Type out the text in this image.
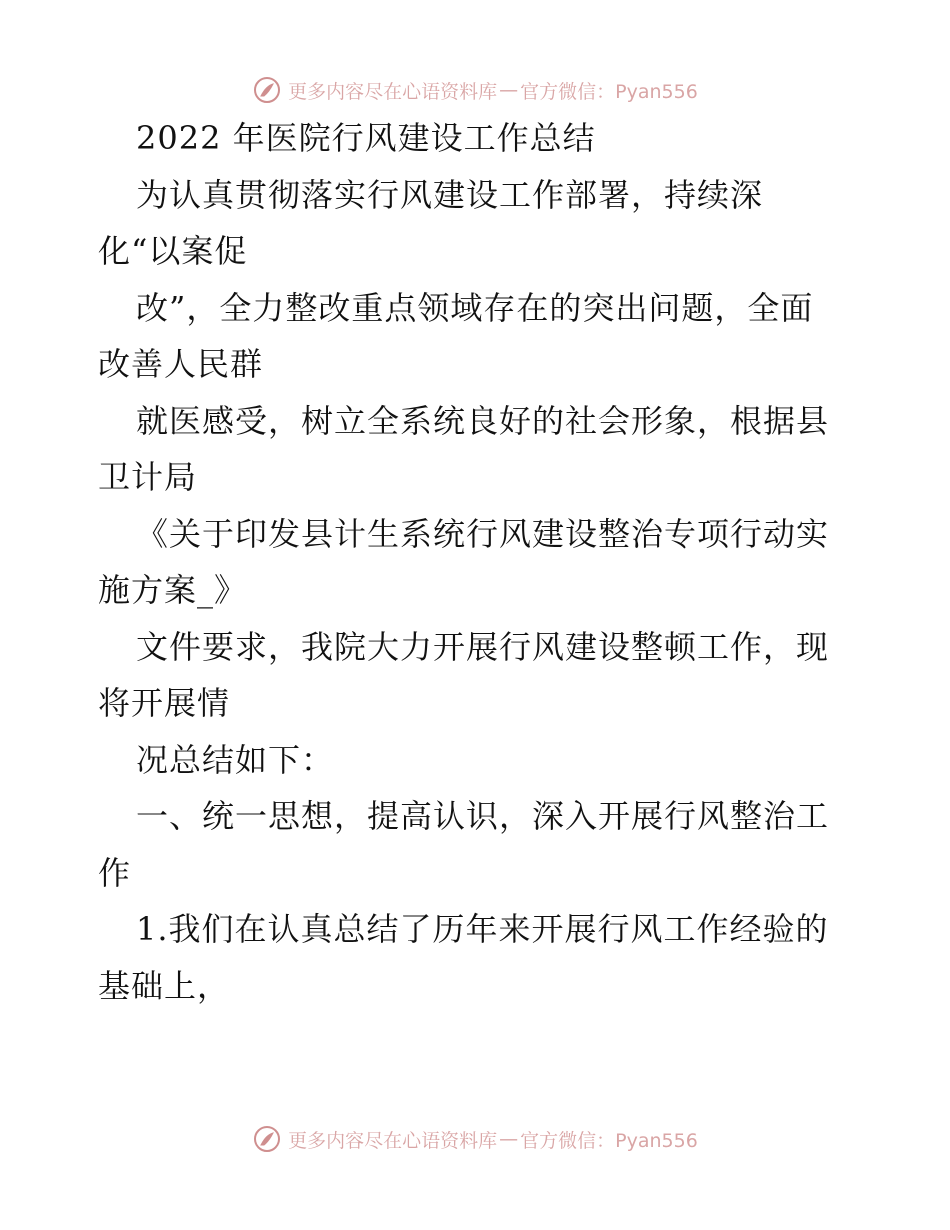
更多内容尽在心语资料库 — 官方微信：Pyan556
2022 年医院行风建设工作总结
为认真贯彻落实行风建设工作部署，持续深
化“以案促
改”，全力整改重点领域存在的突出问题，全面
改善人民群
就医感受，树立全系统良好的社会形象，根据县
卫计局
《关于印发县计生系统行风建设整治专项行动实
施方案_》
文件要求，我院大力开展行风建设整顿工作，现
将开展情
况总结如下：
一、统一思想，提高认识，深入开展行风整治工
作
1.我们在认真总结了历年来开展行风工作经验的
基础上，
更多内容尽在心语资料库 — 官方微信：Pyan556
